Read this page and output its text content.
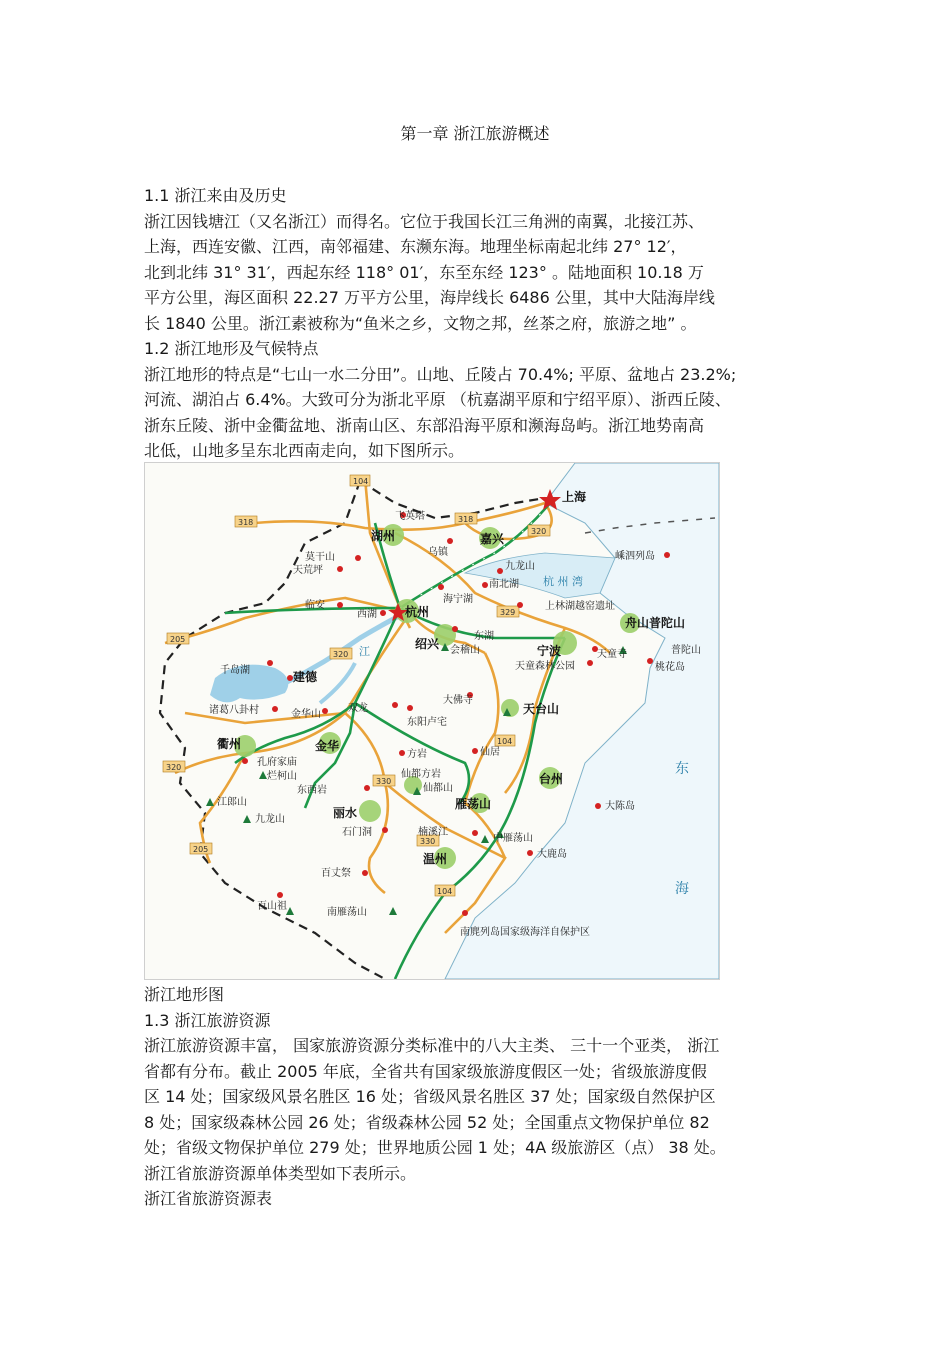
第一章 浙江旅游概述
1.1 浙江来由及历史
浙江因钱塘江（又名浙江）而得名。它位于我国长江三角洲的南翼，北接江苏、
上海，西连安徽、江西，南邻福建、东濒东海。地理坐标南起北纬 27° 12′，
北到北纬 31° 31′，西起东经 118° 01′，东至东经 123° 。陆地面积 10.18 万
平方公里，海区面积 22.27 万平方公里，海岸线长 6486 公里，其中大陆海岸线
长 1840 公里。浙江素被称为“鱼米之乡，文物之邦，丝茶之府，旅游之地” 。
1.2 浙江地形及气候特点
浙江地形的特点是“七山一水二分田”。山地、丘陵占 70.4%; 平原、盆地占 23.2%;
河流、湖泊占 6.4%。大致可分为浙北平原 （杭嘉湖平原和宁绍平原）、浙西丘陵、
浙东丘陵、浙中金衢盆地、浙南山区、东部沿海平原和濒海岛屿。浙江地势南高
北低，山地多呈东北西南走向，如下图所示。
104
318	318
320
320
329
205
205
104
330
330
104
320
上海
湖州	嘉兴
杭州
绍兴	宁波
衢州	金华
台州
丽水
温州
飞英塔
乌镇
九龙山
南北湖
嵊泗列岛
莫干山
天荒坪
海宁湖
上林湖越窑遗址
临安
西湖
东湖
会稽山
舟山普陀山
普陀山
天童寺
天童森林公园	桃花岛
千岛湖	建德
诸葛八卦村	金华山
双龙
东阳卢宅
大佛寺
天台山
孔府家庙
烂柯山
方岩	仙居
仙都方岩
仙都山
东西岩
江郎山
九龙山
雁荡山
石门洞	楠溪江
中雁荡山
大陈岛
大鹿岛
百丈祭
百山祖
南雁荡山
南麂列岛国家级海洋自保护区
杭 州 湾
东
海
江
浙江地形图
1.3 浙江旅游资源
浙江旅游资源丰富， 国家旅游资源分类标准中的八大主类、 三十一个亚类， 浙江
省都有分布。截止 2005 年底，全省共有国家级旅游度假区一处；省级旅游度假
区 14 处；国家级风景名胜区 16 处；省级风景名胜区 37 处；国家级自然保护区
8 处；国家级森林公园 26 处；省级森林公园 52 处；全国重点文物保护单位 82
处；省级文物保护单位 279 处；世界地质公园 1 处；4A 级旅游区（点） 38 处。
浙江省旅游资源单体类型如下表所示。
浙江省旅游资源表
